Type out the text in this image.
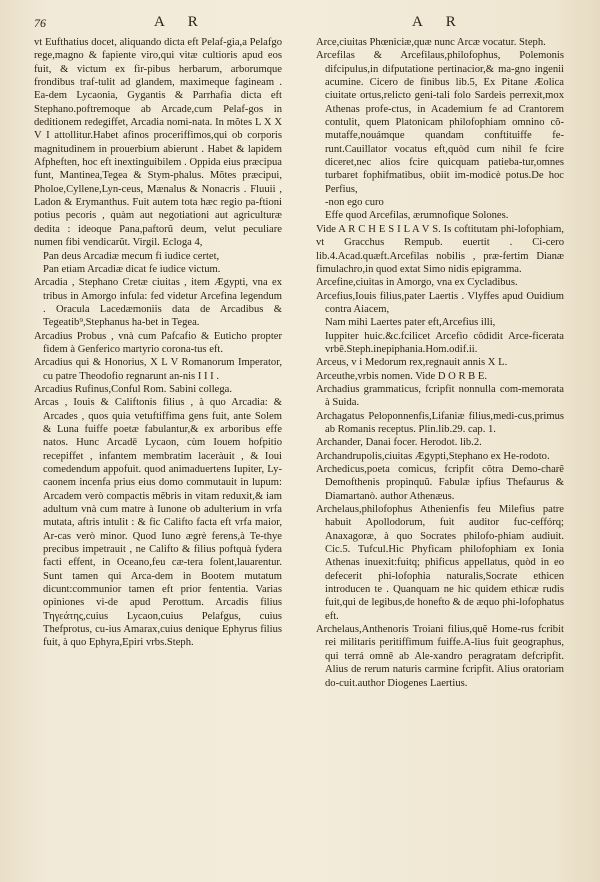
76	A R	A R

vt Eufthatius docet, aliquando dicta eft Pelaf-gia,a Pelafgo rege,magno & fapiente viro,qui vitæ cultioris apud eos fuit, & victum ex fir-pibus herbarum, arborumque frondibus traf-tulit ad glandem, maximeque fagineam . Ea-dem Lycaonia, Gygantis & Parrhafia dicta eft Stephano.poftremoque ab Arcade,cum Pelaf-gos in deditionem redegiffet, Arcadia nomi-nata. In mõtes L X X V I attollitur.Habet afinos proceriffimos,qui ob corporis magnitudinem in prouerbium abierunt . Habet & lapidem Afpheften, hoc eft inextinguibilem . Oppida eius præcipua funt, Mantinea,Tegea & Stym-phalus. Mõtes præcipui, Pholoe,Cyllene,Lyn-ceus, Mænalus & Nonacris . Fluuii , Ladon & Erymanthus. Fuit autem tota hæc regio pa-ftioni potius pecoris , quàm aut negotiationi aut agriculturæ dedita : ideoque Pana,paftorũ deum, velut peculiare numen fibi vendicarũt. Virgil. Ecloga 4,

Pan deus Arcadiæ mecum fi iudice certet,

Pan etiam Arcadiæ dicat fe iudice victum.

Arcadia , Stephano Cretæ ciuitas , item Ægypti, vna ex tribus in Amorgo infula: fed videtur Arcefina legendum . Oracula Lacedæmoniis data de Arcadibus & Tegeatib⁹,Stephanus ha-bet in Tegea.

Arcadius Probus , vnà cum Pafcafio & Euticho propter fidem à Genferico martyrio corona-tus eft.

Arcadius qui & Honorius, X L V Romanorum Imperator, cu patre Theodofio regnarunt an-nis I I I .

Arcadius Rufinus,Conful Rom. Sabini collega.

Arcas , Iouis & Califtonis filius , à quo Arcadia: & Arcades , quos quia vetuftiffima gens fuit, ante Solem & Luna fuiffe poetæ fabulantur,& ex arboribus effe natos. Hunc Arcadē Lycaon, cùm Iouem hofpitio recepiffet , infantem membratim laceràuit , & Ioui comedendum appofuit. quod animaduertens Iupiter, Ly-caonem incenfa prius eius domo commutauit in lupum: Arcadem verò compactis mẽbris in vitam reduxit,& iam adultum vnà cum matre à Iunone ob adulterium in vrfa mutata, aftris intulit : & fic Califto facta eft vrfa maior, Ar-cas verò minor. Quod Iuno ægrè ferens,à Te-thye precibus impetrauit , ne Califto & filius poftquà fydera facti effent, in Oceano,feu cæ-tera folent,lauarentur. Sunt tamen qui Arca-dem in Bootem mutatum dicunt:communior tamen eft prior fententia. Varias opiniones vi-de apud Perottum. Arcadis filius Τηγεάτης,cuius Lycaon,cuius Pelafgus, cuius Thefprotus, cu-ius Amarax,cuius denique Ephyrus filius fuit, à quo Ephyra,Epiri vrbs.Steph.

Arce,ciuitas Phœniciæ,quæ nunc Arcæ vocatur. Steph.

Arcefilas & Arcefilaus,philofophus, Polemonis difcipulus,in difputatione pertinacior,& ma-gno ingenii acumine. Cicero de finibus lib.5, Ex Pitane Æolica ciuitate ortus,relicto geni-tali folo Sardeis perrexit,mox Athenas profe-ctus, in Academium fe ad Crantorem contulit, quem Platonicam philofophiam omnino cõ-mutaffe,nouámque quandam conftituiffe fe-runt.Cauillator vocatus eft,quòd cum nihil fe fcire diceret,nec alios fcire quicquam patieba-tur,omnes turbaret fophifmatibus, obiit im-modicè potus.De hoc Perfius,

-non ego curo

Effe quod Arcefilas, ærumnofique Solones.

Vide A R C H E S I L A V S. Is coftitutam phi-lofophiam, vt Gracchus Rempub. euertit . Ci-cero lib.4.Acad.quæft.Arcefilas nobilis , præ-fertim Dianæ fimulachro,in quod extat Simo nidis epigramma.

Arcefine,ciuitas in Amorgo, vna ex Cycladibus.

Arcefius,Iouis filius,pater Laertis . Vlyffes apud Ouidium contra Aiacem,

Nam mihi Laertes pater eft,Arcefius illi,

Iuppiter huic.&c.fcilicet Arcefio côdidit Arce-ficerata vrbẽ.Steph.inepiphania.Hom.odif.ii.

Arceus, v i Medorum rex,regnauit annis X L.

Arceuthe,vrbis nomen. Vide D O R B E.

Archadius grammaticus, fcripfit nonnulla com-memorata à Suida.

Archagatus Peloponnenfis,Lifaniæ filius,medi-cus,primus ab Romanis receptus. Plin.lib.29. cap. 1.

Archander, Danai focer. Herodot. lib.2.

Archandrupolis,ciuitas Ægypti,Stephano ex He-rodoto.

Archedicus,poeta comicus, fcripfit cõtra Demo-charẽ Demofthenis propinquũ. Fabulæ ipfius Thefaurus & Diamartanò. author Athenæus.

Archelaus,philofophus Athenienfis feu Milefius patre habuit Apollodorum, fuit auditor fuc-ceffórq; Anaxagoræ, à quo Socrates philofo-phiam audiuit. Cic.5. Tufcul.Hic Phyficam philofophiam ex Ionia Athenas inuexit:fuitq; phificus appellatus, quòd in eo defecerit phi-lofophia naturalis,Socrate ethicen introducen te . Quanquam ne hic quidem ethicæ rudis fuit,qui de legibus,de honefto & de æquo phi-lofophatus eft.

Archelaus,Anthenoris Troiani filius,quẽ Home-rus fcribit rei militaris peritiffimum fuiffe.A-lius fuit geographus, qui terrá omnẽ ab Ale-xandro peragratam defcripfit. Alius de rerum naturis carmine fcripfit. Alius oratoriam do-cuit.author Diogenes Laertius.
